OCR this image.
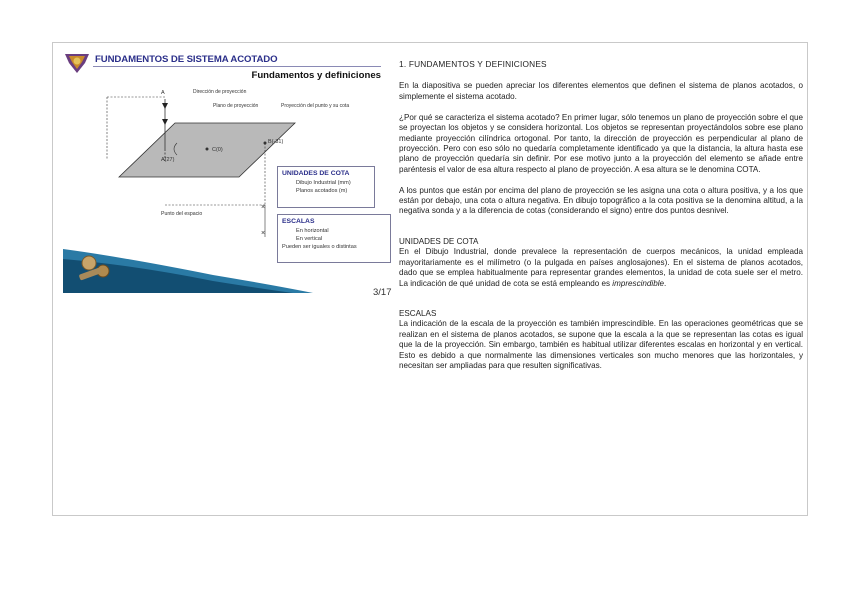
FUNDAMENTOS DE SISTEMA ACOTADO
Fundamentos y definiciones
A
A(27)
C(0)
B(-31)
Dirección de proyección
Plano de proyección	Proyección del punto y su cota
Punto del espacio
×
×
UNIDADES DE COTA
Dibujo Industrial (mm)
Planos acotados (m)
ESCALAS
En horizontal
En vertical
Pueden ser iguales o distintas
3/17

1. FUNDAMENTOS Y DEFINICIONES

En la diapositiva se pueden apreciar los diferentes elementos que definen el sistema de planos acotados, o simplemente el sistema acotado.

¿Por qué se caracteriza el sistema acotado? En primer lugar, sólo tenemos un plano de proyección sobre el que se proyectan los objetos y se considera horizontal. Los objetos se representan proyectándolos sobre ese plano mediante proyección cilíndrica ortogonal. Por tanto, la dirección de proyección es perpendicular al plano de proyección. Pero con eso sólo no quedaría completamente identificado ya que la distancia, la altura hasta ese plano de proyección quedaría sin definir. Por ese motivo junto a la proyección del elemento se añade entre paréntesis el valor de esa altura respecto al plano de proyección. A esa altura se le denomina COTA.

A los puntos que están por encima del plano de proyección se les asigna una cota o altura positiva, y a los que están por debajo, una cota o altura negativa. En dibujo topográfico a la cota positiva se la denomina altitud, a la negativa sonda y a la diferencia de cotas (considerando el signo) entre dos puntos desnivel.

UNIDADES DE COTA

En el Dibujo Industrial, donde prevalece la representación de cuerpos mecánicos, la unidad empleada mayoritariamente es el milímetro (o la pulgada en países anglosajones). En el sistema de planos acotados, dado que se emplea habitualmente para representar grandes elementos, la unidad de cota suele ser el metro. La indicación de qué unidad de cota se está empleando es imprescindible.

ESCALAS

La indicación de la escala de la proyección es también imprescindible. En las operaciones geométricas que se realizan en el sistema de planos acotados, se supone que la escala a la que se representan las cotas es igual que la de la proyección. Sin embargo, también es habitual utilizar diferentes escalas en horizontal y en vertical. Esto es debido a que normalmente las dimensiones verticales son mucho menores que las horizontales, y necesitan ser ampliadas para que resulten significativas.
